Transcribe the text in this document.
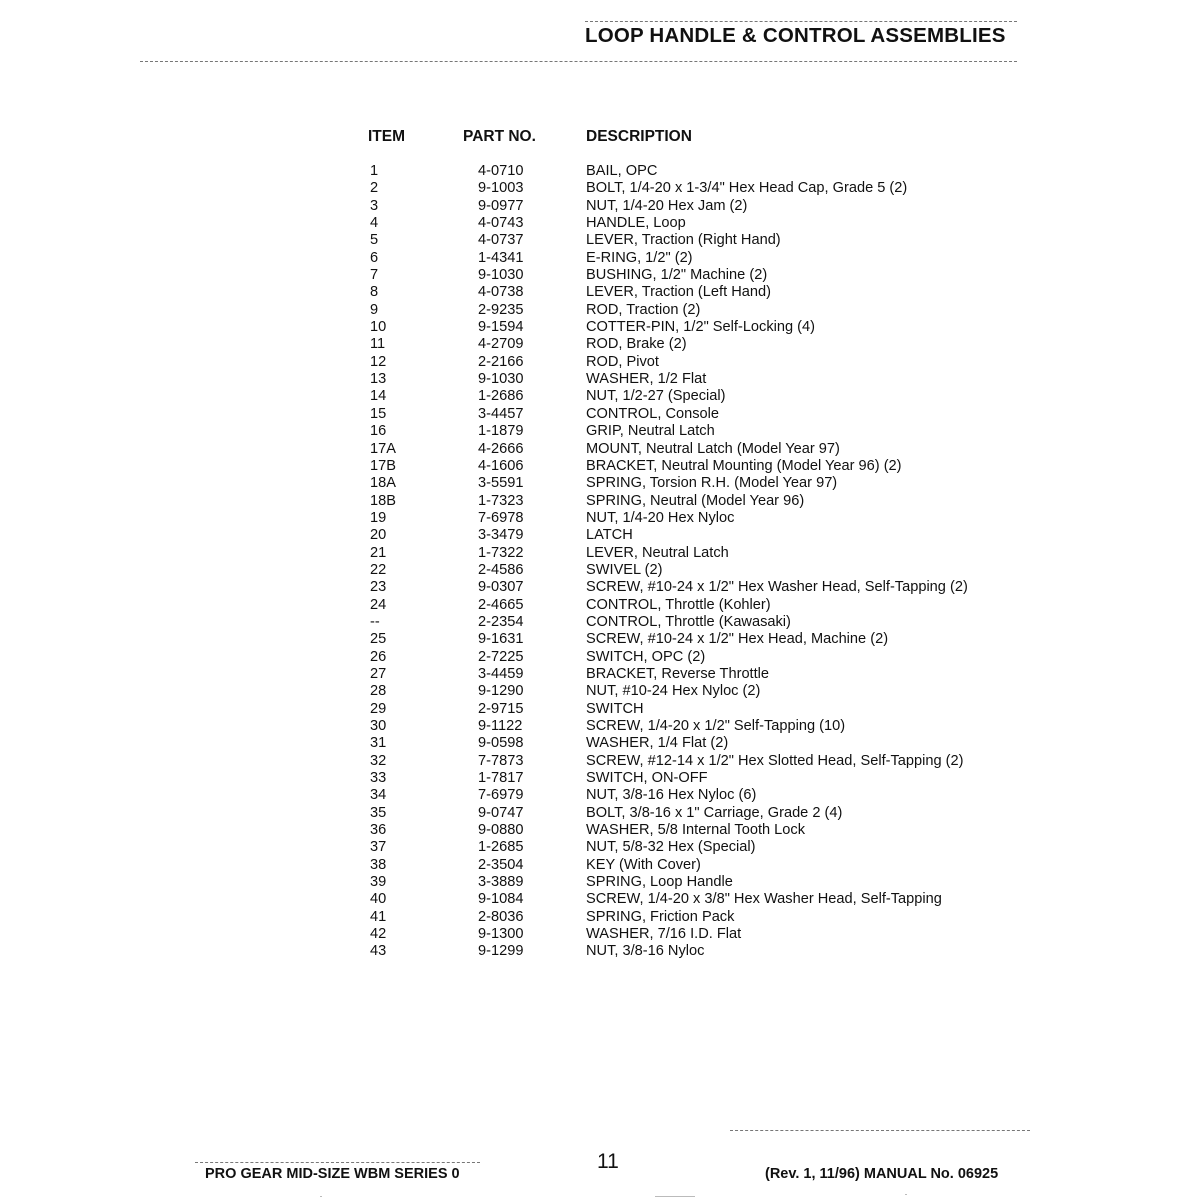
LOOP HANDLE & CONTROL ASSEMBLIES
ITEM	PART NO.	DESCRIPTION
1	4-0710	BAIL, OPC
2	9-1003	BOLT, 1/4-20 x 1-3/4" Hex Head Cap, Grade 5 (2)
3	9-0977	NUT, 1/4-20 Hex Jam (2)
4	4-0743	HANDLE, Loop
5	4-0737	LEVER, Traction (Right Hand)
6	1-4341	E-RING, 1/2" (2)
7	9-1030	BUSHING, 1/2" Machine (2)
8	4-0738	LEVER, Traction (Left Hand)
9	2-9235	ROD, Traction (2)
10	9-1594	COTTER-PIN, 1/2" Self-Locking (4)
11	4-2709	ROD, Brake (2)
12	2-2166	ROD, Pivot
13	9-1030	WASHER, 1/2 Flat
14	1-2686	NUT, 1/2-27 (Special)
15	3-4457	CONTROL, Console
16	1-1879	GRIP, Neutral Latch
17A	4-2666	MOUNT, Neutral Latch (Model Year 97)
17B	4-1606	BRACKET, Neutral Mounting (Model Year 96) (2)
18A	3-5591	SPRING, Torsion R.H. (Model Year 97)
18B	1-7323	SPRING, Neutral (Model Year 96)
19	7-6978	NUT, 1/4-20 Hex Nyloc
20	3-3479	LATCH
21	1-7322	LEVER, Neutral Latch
22	2-4586	SWIVEL (2)
23	9-0307	SCREW, #10-24 x 1/2" Hex Washer Head, Self-Tapping (2)
24	2-4665	CONTROL, Throttle (Kohler)
--	2-2354	CONTROL, Throttle (Kawasaki)
25	9-1631	SCREW, #10-24 x 1/2" Hex Head, Machine (2)
26	2-7225	SWITCH, OPC (2)
27	3-4459	BRACKET, Reverse Throttle
28	9-1290	NUT, #10-24 Hex Nyloc (2)
29	2-9715	SWITCH
30	9-1122	SCREW, 1/4-20 x 1/2" Self-Tapping (10)
31	9-0598	WASHER, 1/4 Flat (2)
32	7-7873	SCREW, #12-14 x 1/2" Hex Slotted Head, Self-Tapping (2)
33	1-7817	SWITCH, ON-OFF
34	7-6979	NUT, 3/8-16 Hex Nyloc (6)
35	9-0747	BOLT, 3/8-16 x 1" Carriage, Grade 2 (4)
36	9-0880	WASHER, 5/8 Internal Tooth Lock
37	1-2685	NUT, 5/8-32 Hex (Special)
38	2-3504	KEY (With Cover)
39	3-3889	SPRING, Loop Handle
40	9-1084	SCREW, 1/4-20 x 3/8" Hex Washer Head, Self-Tapping
41	2-8036	SPRING, Friction Pack
42	9-1300	WASHER, 7/16 I.D. Flat
43	9-1299	NUT, 3/8-16 Nyloc
PRO GEAR MID-SIZE WBM SERIES 0
11
(Rev. 1, 11/96) MANUAL No. 06925
